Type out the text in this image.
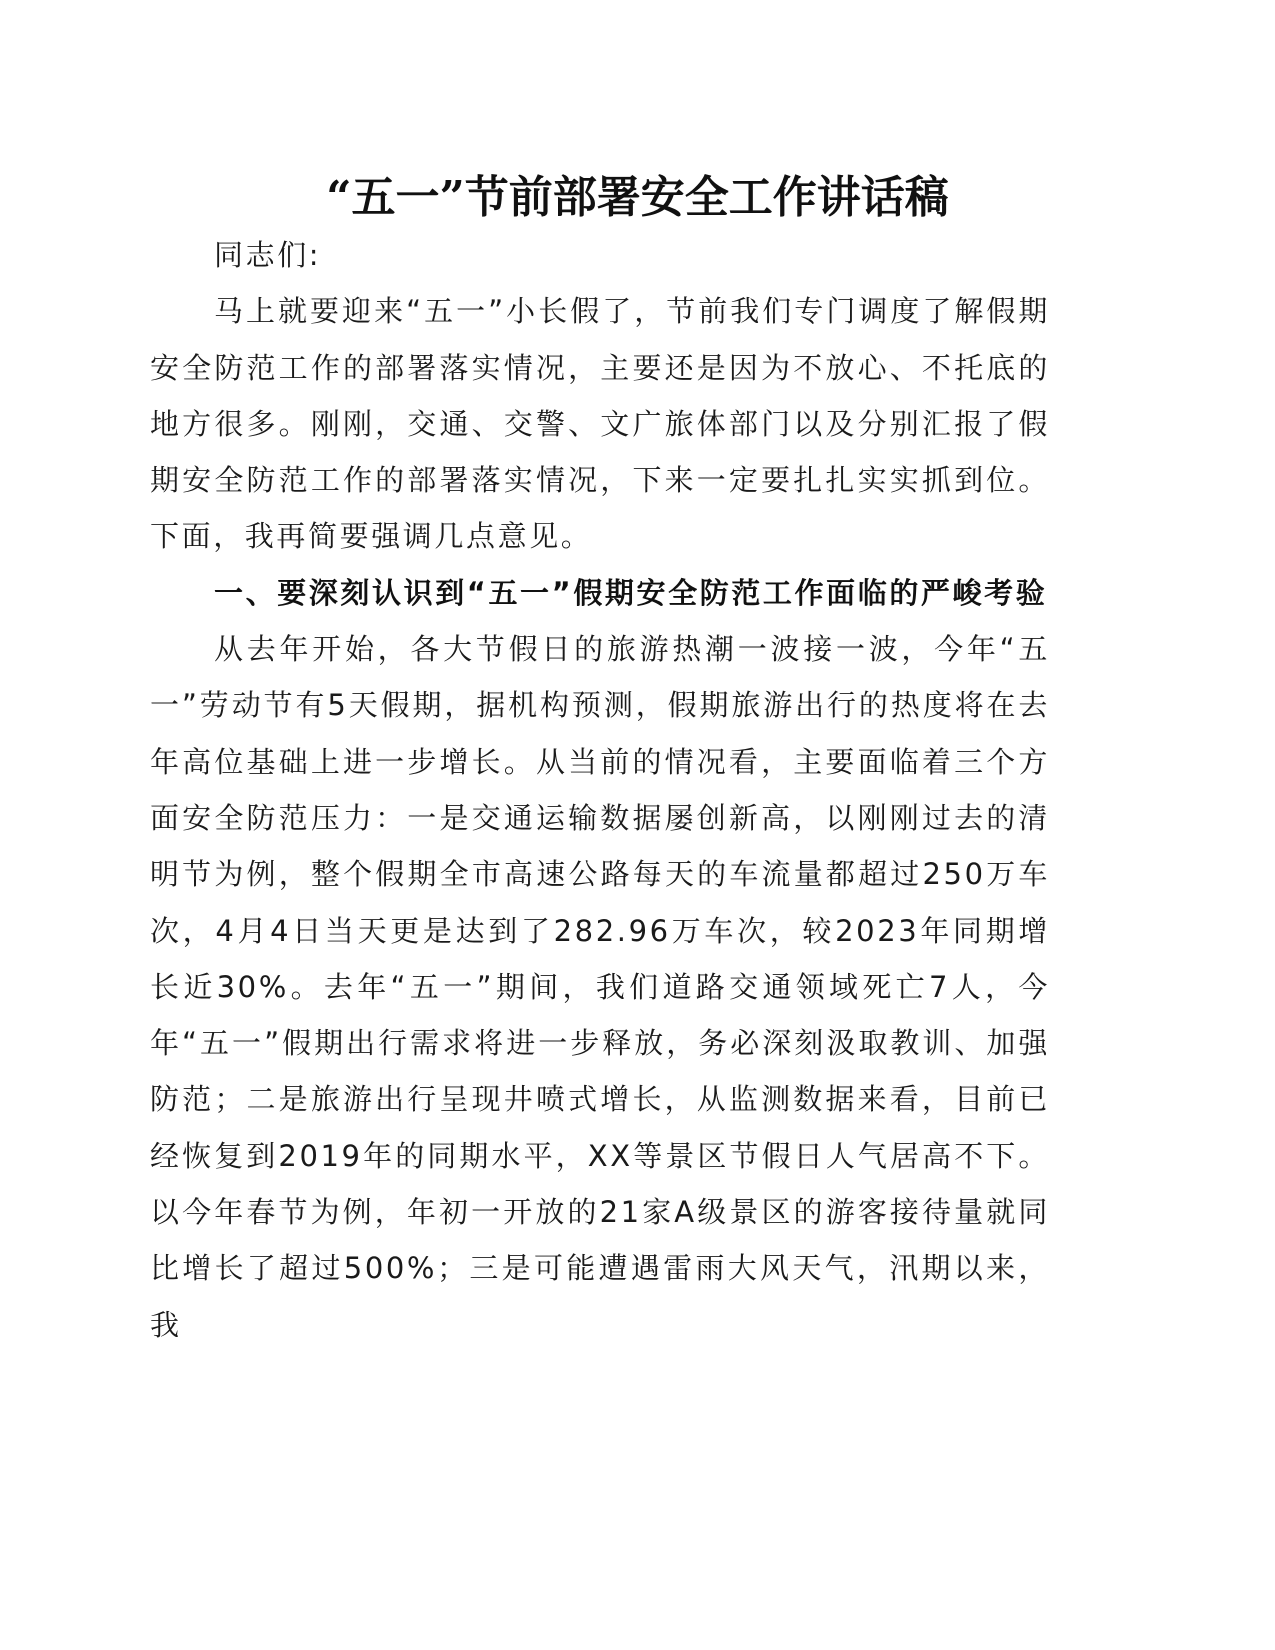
“五一”节前部署安全工作讲话稿

同志们:

马上就要迎来“五一”小长假了，节前我们专门调度了解假期安全防范工作的部署落实情况，主要还是因为不放心、不托底的地方很多。刚刚，交通、交警、文广旅体部门以及分别汇报了假期安全防范工作的部署落实情况，下来一定要扎扎实实抓到位。下面，我再简要强调几点意见。

一、要深刻认识到“五一”假期安全防范工作面临的严峻考验

从去年开始，各大节假日的旅游热潮一波接一波，今年“五一”劳动节有5天假期，据机构预测，假期旅游出行的热度将在去年高位基础上进一步增长。从当前的情况看，主要面临着三个方面安全防范压力：一是交通运输数据屡创新高，以刚刚过去的清明节为例，整个假期全市高速公路每天的车流量都超过250万车次，4月4日当天更是达到了282.96万车次，较2023年同期增长近30%。去年“五一”期间，我们道路交通领域死亡7人，今年“五一”假期出行需求将进一步释放，务必深刻汲取教训、加强防范；二是旅游出行呈现井喷式增长，从监测数据来看，目前已经恢复到2019年的同期水平，XX等景区节假日人气居高不下。以今年春节为例，年初一开放的21家A级景区的游客接待量就同比增长了超过500%；三是可能遭遇雷雨大风天气，汛期以来，我
